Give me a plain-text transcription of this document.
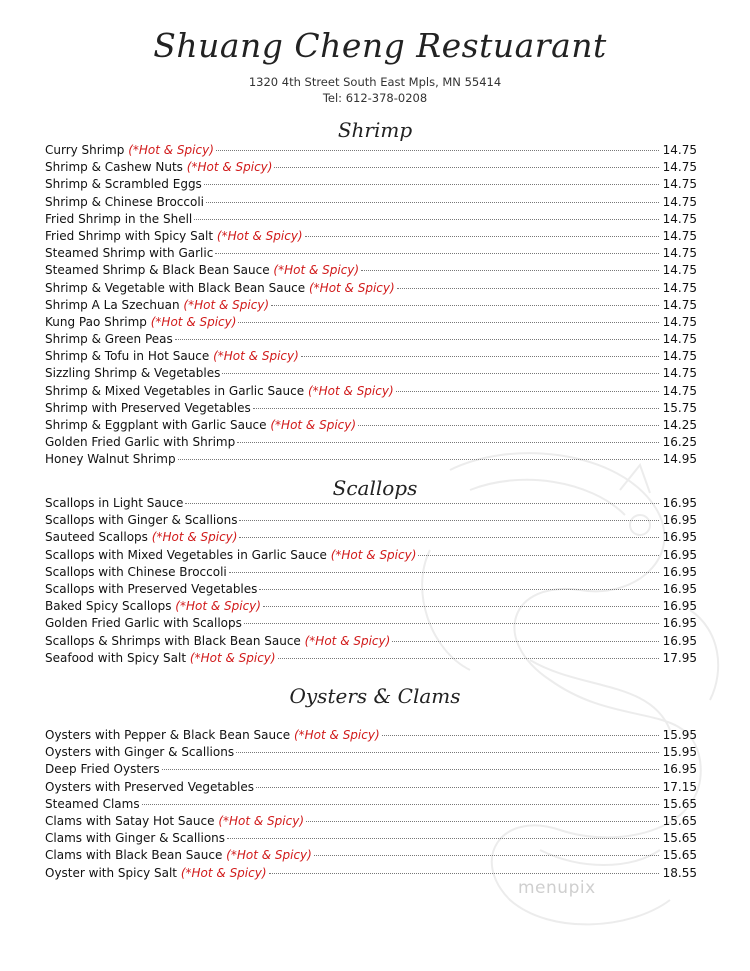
Shuang Cheng Restuarant
1320 4th Street South East Mpls, MN 55414
Tel: 612-378-0208
Shrimp
Curry Shrimp (*Hot & Spicy)	14.75
Shrimp & Cashew Nuts (*Hot & Spicy)	14.75
Shrimp & Scrambled Eggs	14.75
Shrimp & Chinese Broccoli	14.75
Fried Shrimp in the Shell	14.75
Fried Shrimp with Spicy Salt (*Hot & Spicy)	14.75
Steamed Shrimp with Garlic	14.75
Steamed Shrimp & Black Bean Sauce (*Hot & Spicy)	14.75
Shrimp & Vegetable with Black Bean Sauce (*Hot & Spicy)	14.75
Shrimp A La Szechuan (*Hot & Spicy)	14.75
Kung Pao Shrimp (*Hot & Spicy)	14.75
Shrimp & Green Peas	14.75
Shrimp & Tofu in Hot Sauce (*Hot & Spicy)	14.75
Sizzling Shrimp & Vegetables	14.75
Shrimp & Mixed Vegetables in Garlic Sauce (*Hot & Spicy)	14.75
Shrimp with Preserved Vegetables	15.75
Shrimp & Eggplant with Garlic Sauce (*Hot & Spicy)	14.25
Golden Fried Garlic with Shrimp	16.25
Honey Walnut Shrimp	14.95
Scallops
Scallops in Light Sauce	16.95
Scallops with Ginger & Scallions	16.95
Sauteed Scallops (*Hot & Spicy)	16.95
Scallops with Mixed Vegetables in Garlic Sauce (*Hot & Spicy)	16.95
Scallops with Chinese Broccoli	16.95
Scallops with Preserved Vegetables	16.95
Baked Spicy Scallops (*Hot & Spicy)	16.95
Golden Fried Garlic with Scallops	16.95
Scallops & Shrimps with Black Bean Sauce (*Hot & Spicy)	16.95
Seafood with Spicy Salt (*Hot & Spicy)	17.95
Oysters & Clams
Oysters with Pepper & Black Bean Sauce (*Hot & Spicy)	15.95
Oysters with Ginger & Scallions	15.95
Deep Fried Oysters	16.95
Oysters with Preserved Vegetables	17.15
Steamed Clams	15.65
Clams with Satay Hot Sauce (*Hot & Spicy)	15.65
Clams with Ginger & Scallions	15.65
Clams with Black Bean Sauce (*Hot & Spicy)	15.65
Oyster with Spicy Salt (*Hot & Spicy)	18.55
menupix
